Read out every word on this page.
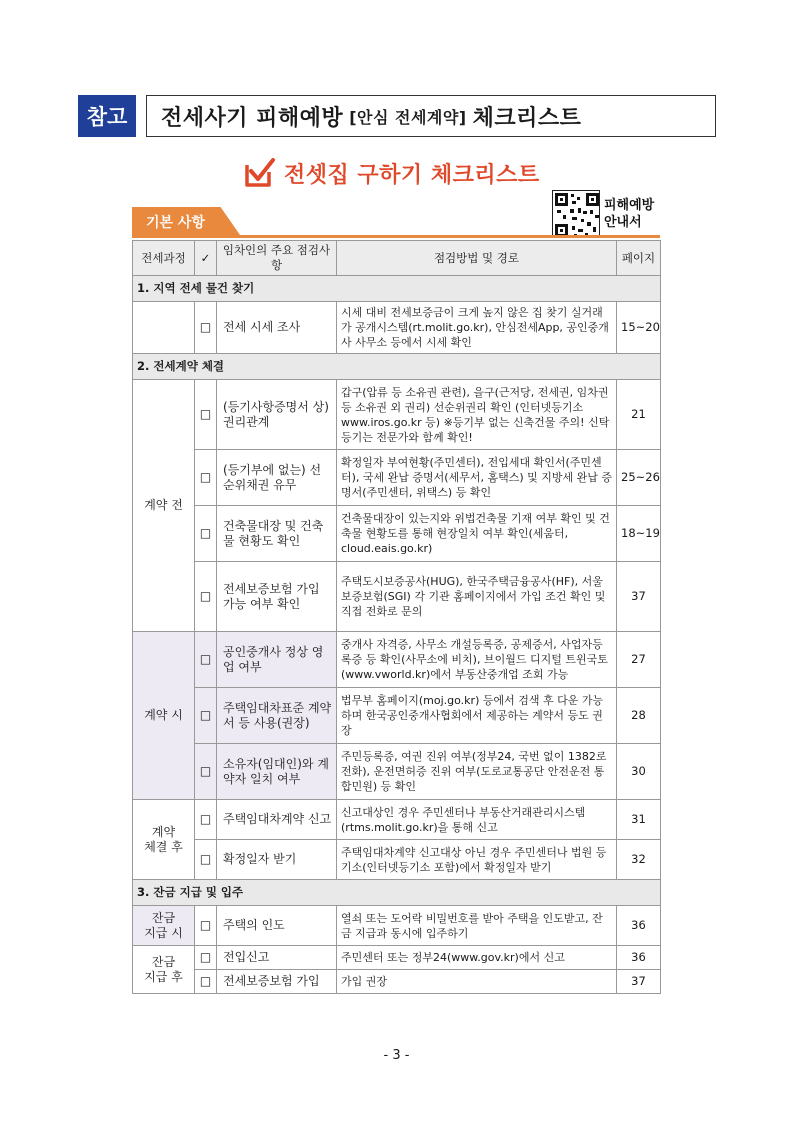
참고	전세사기 피해예방 [안심 전세계약] 체크리스트
전셋집 구하기 체크리스트
피해예방
안내서
기본 사항
전세과정	✓	임차인의 주요 점검사항	점검방법 및 경로	페이지
1. 지역 전세 물건 찾기				
	□	전세 시세 조사	시세 대비 전세보증금이 크게 높지 않은 집 찾기 실거래가 공개시스템(rt.molit.go.kr), 안심전세App, 공인중개사 사무소 등에서 시세 확인	15~20
2. 전세계약 체결				
계약 전	□	(등기사항증명서 상) 권리관계	갑구(압류 등 소유권 관련), 을구(근저당, 전세권, 임차권 등 소유권 외 권리) 선순위권리 확인 (인터넷등기소 www.iros.go.kr 등) ※등기부 없는 신축건물 주의! 신탁등기는 전문가와 함께 확인!	21
	□	(등기부에 없는) 선순위채권 유무	확정일자 부여현황(주민센터), 전입세대 확인서(주민센터), 국세 완납 증명서(세무서, 홈택스) 및 지방세 완납 증명서(주민센터, 위택스) 등 확인	25~26
	□	건축물대장 및 건축물 현황도 확인	건축물대장이 있는지와 위법건축물 기재 여부 확인 및 건축물 현황도를 통해 현장일치 여부 확인(세움터, cloud.eais.go.kr)	18~19
	□	전세보증보험 가입 가능 여부 확인	주택도시보증공사(HUG), 한국주택금융공사(HF), 서울보증보험(SGI) 각 기관 홈페이지에서 가입 조건 확인 및 직접 전화로 문의	37
계약 시	□	공인중개사 정상 영업 여부	중개사 자격증, 사무소 개설등록증, 공제증서, 사업자등록증 등 확인(사무소에 비치), 브이월드 디지털 트윈국토(www.vworld.kr)에서 부동산중개업 조회 가능	27
	□	주택임대차표준 계약서 등 사용(권장)	법무부 홈페이지(moj.go.kr) 등에서 검색 후 다운 가능하며 한국공인중개사협회에서 제공하는 계약서 등도 권장	28
	□	소유자(임대인)와 계약자 일치 여부	주민등록증, 여권 진위 여부(정부24, 국번 없이 1382로 전화), 운전면허증 진위 여부(도로교통공단 안전운전 통합민원) 등 확인	30

계약
체결 후	□	주택임대차계약 신고	신고대상인 경우 주민센터나 부동산거래관리시스템(rtms.molit.go.kr)을 통해 신고	31
	□	확정일자 받기	주택임대차계약 신고대상 아닌 경우 주민센터나 법원 등기소(인터넷등기소 포함)에서 확정일자 받기	32
3. 잔금 지급 및 입주				

잔금
지급 시	□	주택의 인도	열쇠 또는 도어락 비밀번호를 받아 주택을 인도받고, 잔금 지급과 동시에 입주하기	36

잔금
지급 후	□	전입신고	주민센터 또는 정부24(www.gov.kr)에서 신고	36
	□	전세보증보험 가입	가입 권장	37
- 3 -
